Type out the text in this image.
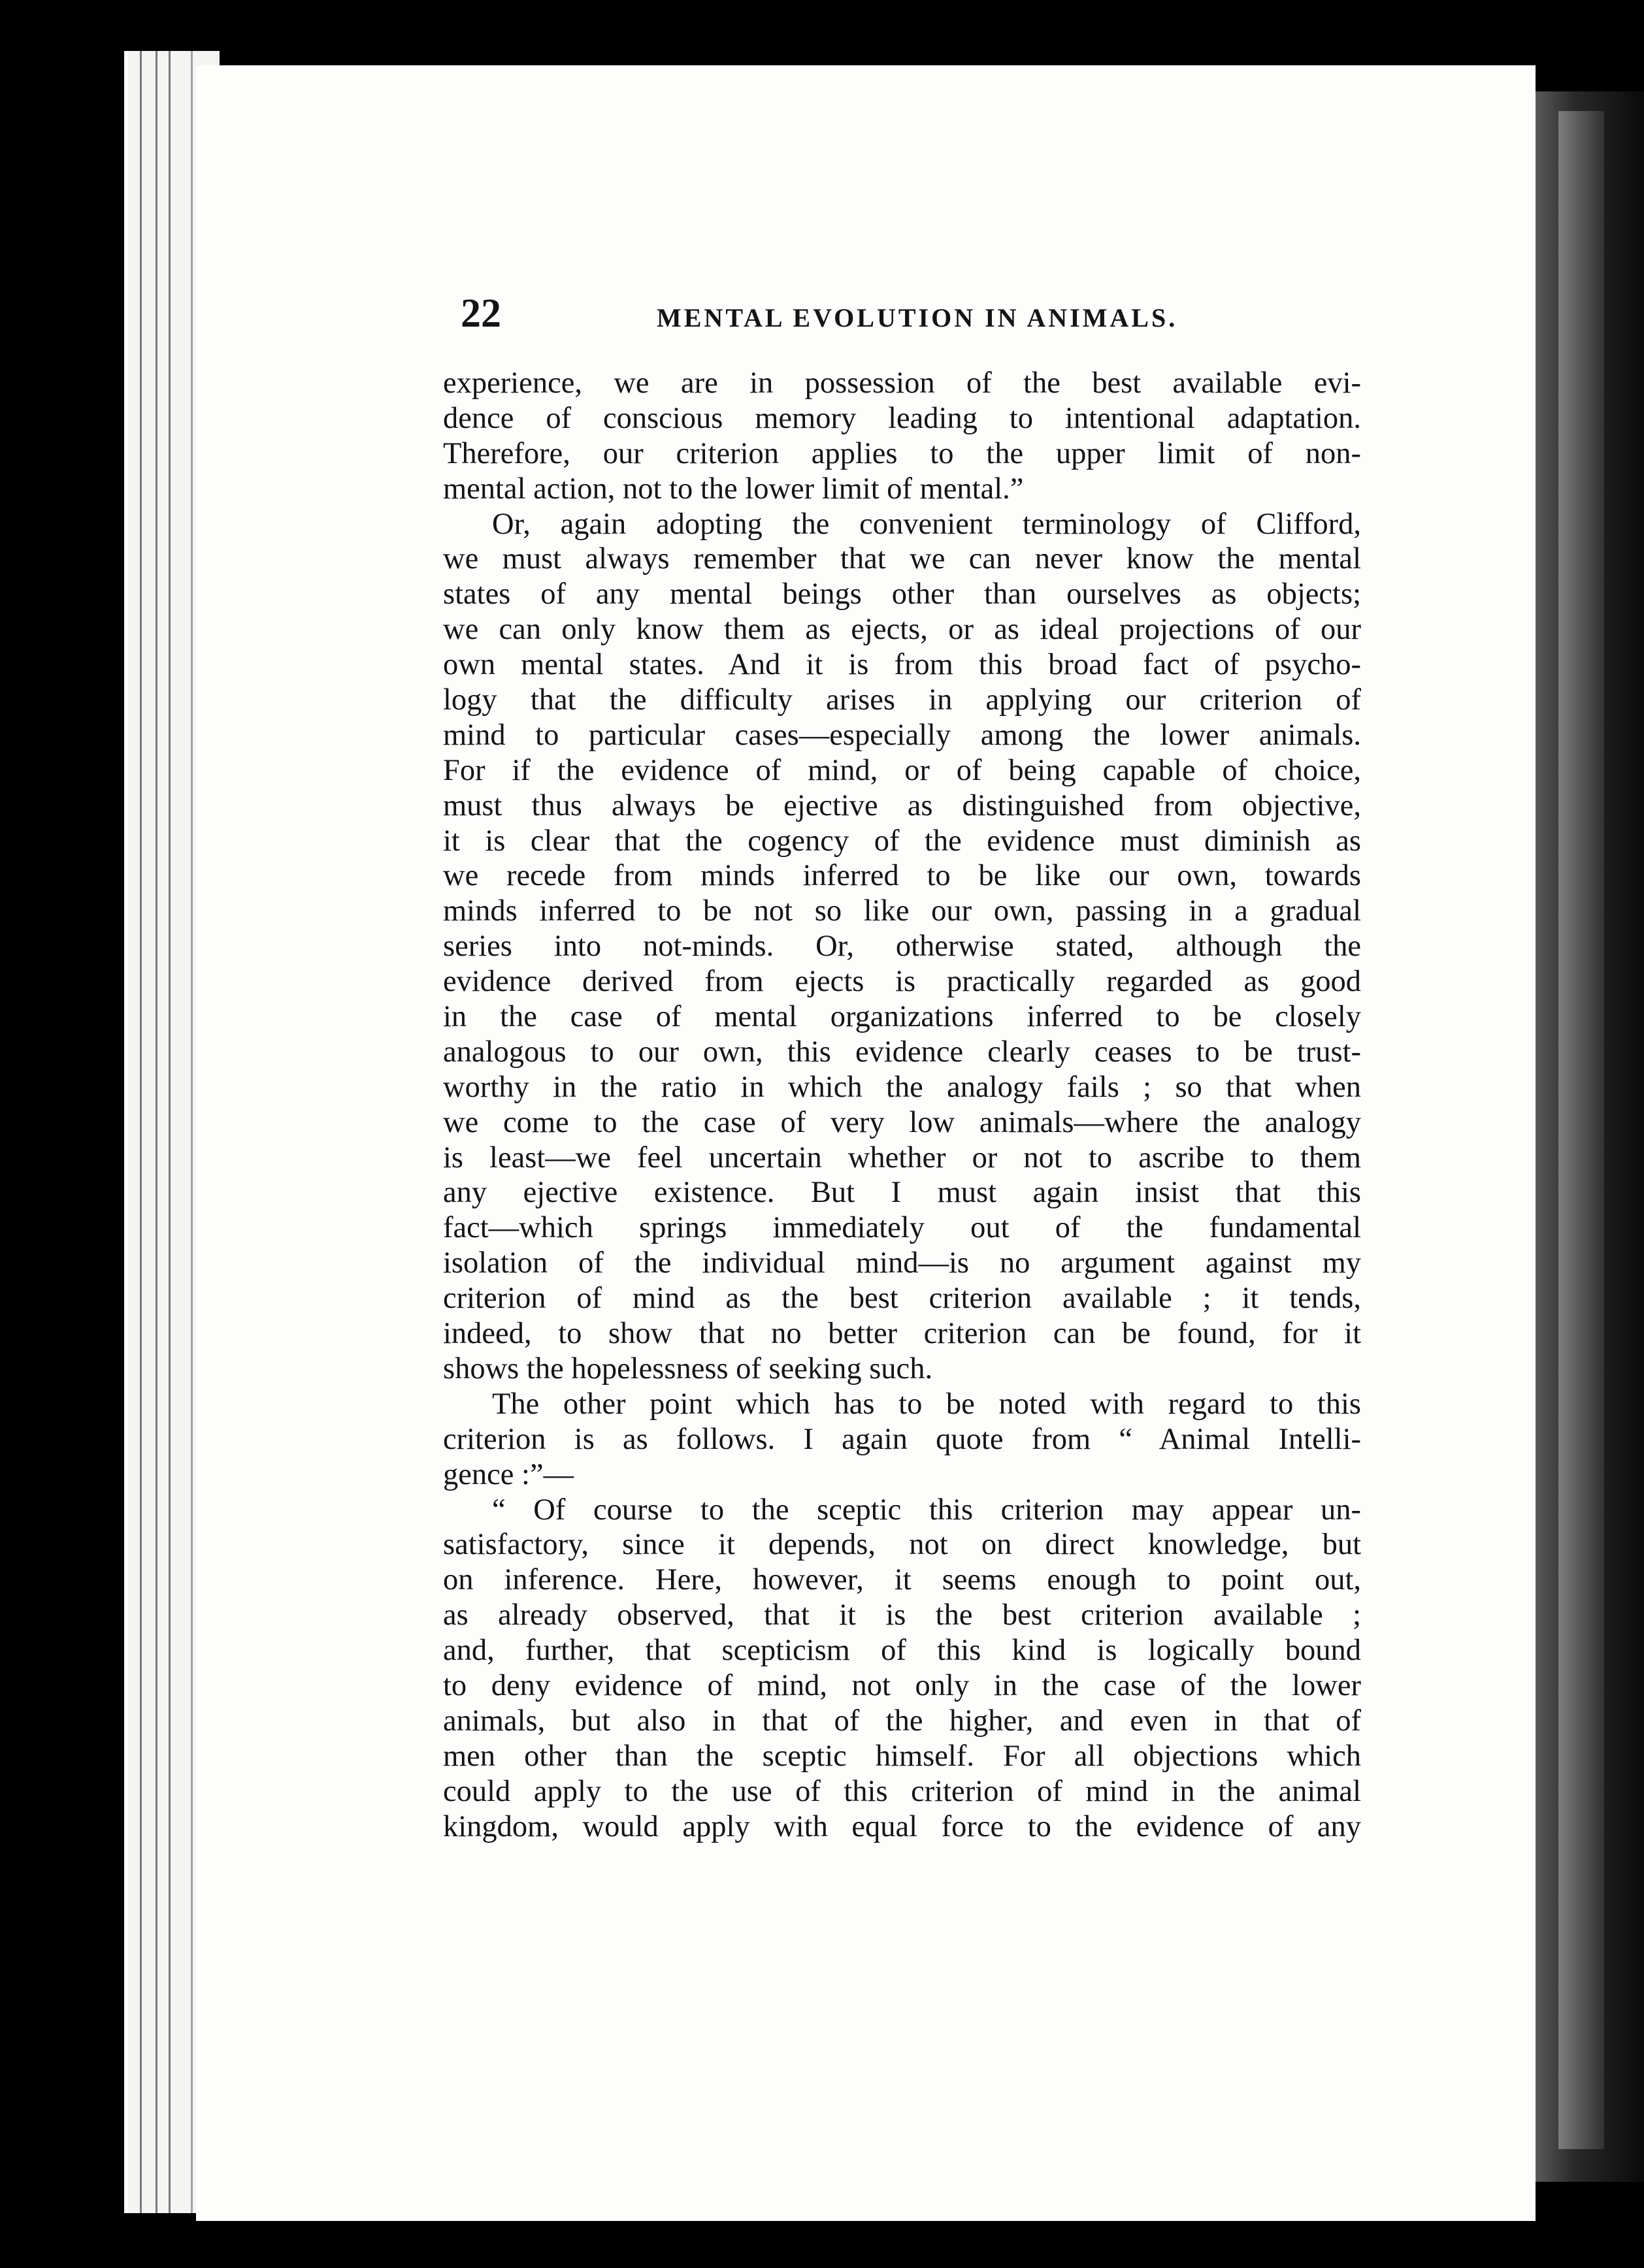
22	MENTAL EVOLUTION IN ANIMALS.
experience, we are in possession of the best available evi-
dence of conscious memory leading to intentional adaptation.
Therefore, our criterion applies to the upper limit of non-
mental action, not to the lower limit of mental.”
Or, again adopting the convenient terminology of Clifford,
we must always remember that we can never know the mental
states of any mental beings other than ourselves as objects;
we can only know them as ejects, or as ideal projections of our
own mental states. And it is from this broad fact of psycho-
logy that the difficulty arises in applying our criterion of
mind to particular cases—especially among the lower animals.
For if the evidence of mind, or of being capable of choice,
must thus always be ejective as distinguished from objective,
it is clear that the cogency of the evidence must diminish as
we recede from minds inferred to be like our own, towards
minds inferred to be not so like our own, passing in a gradual
series into not-minds. Or, otherwise stated, although the
evidence derived from ejects is practically regarded as good
in the case of mental organizations inferred to be closely
analogous to our own, this evidence clearly ceases to be trust-
worthy in the ratio in which the analogy fails ; so that when
we come to the case of very low animals—where the analogy
is least—we feel uncertain whether or not to ascribe to them
any ejective existence. But I must again insist that this
fact—which springs immediately out of the fundamental
isolation of the individual mind—is no argument against my
criterion of mind as the best criterion available ; it tends,
indeed, to show that no better criterion can be found, for it
shows the hopelessness of seeking such.
The other point which has to be noted with regard to this
criterion is as follows. I again quote from “ Animal Intelli-
gence :”—
“ Of course to the sceptic this criterion may appear un-
satisfactory, since it depends, not on direct knowledge, but
on inference. Here, however, it seems enough to point out,
as already observed, that it is the best criterion available ;
and, further, that scepticism of this kind is logically bound
to deny evidence of mind, not only in the case of the lower
animals, but also in that of the higher, and even in that of
men other than the sceptic himself. For all objections which
could apply to the use of this criterion of mind in the animal
kingdom, would apply with equal force to the evidence of any
